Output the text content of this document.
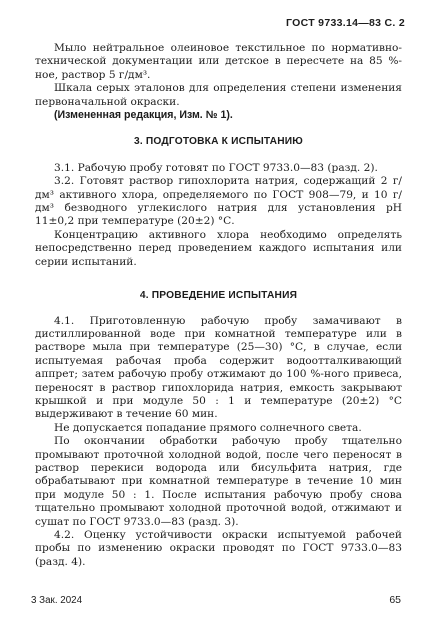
ГОСТ 9733.14—83 С. 2

Мыло нейтральное олеиновое текстильное по нормативно-технической документации или детское в пересчете на 85 %-ное, раствор 5 г/дм³.

Шкала серых эталонов для определения степени изменения первоначальной окраски.

(Измененная редакция, Изм. № 1).

3. ПОДГОТОВКА К ИСПЫТАНИЮ

3.1. Рабочую пробу готовят по ГОСТ 9733.0—83 (разд. 2).

3.2. Готовят раствор гипохлорита натрия, содержащий 2 г/дм³ активного хлора, определяемого по ГОСТ 908—79, и 10 г/дм³ безводного углекислого натрия для установления pH 11±0,2 при температуре (20±2) °С.

Концентрацию активного хлора необходимо определять непосредственно перед проведением каждого испытания или серии испытаний.

4. ПРОВЕДЕНИЕ ИСПЫТАНИЯ

4.1. Приготовленную рабочую пробу замачивают в дистиллированной воде при комнатной температуре или в растворе мыла при температуре (25—30) °С, в случае, если испытуемая рабочая проба содержит водоотталкивающий аппрет; затем рабочую пробу отжимают до 100 %-ного привеса, переносят в раствор гипохлорида натрия, емкость закрывают крышкой и при модуле 50 : 1 и температуре (20±2) °С выдерживают в течение 60 мин.

Не допускается попадание прямого солнечного света.

По окончании обработки рабочую пробу тщательно промывают проточной холодной водой, после чего переносят в раствор перекиси водорода или бисульфита натрия, где обрабатывают при комнатной температуре в течение 10 мин при модуле 50 : 1. После испытания рабочую пробу снова тщательно промывают холодной проточной водой, отжимают и сушат по ГОСТ 9733.0—83 (разд. 3).

4.2. Оценку устойчивости окраски испытуемой рабочей пробы по изменению окраски проводят по ГОСТ 9733.0—83 (разд. 4).

3 Зак. 2024	65
